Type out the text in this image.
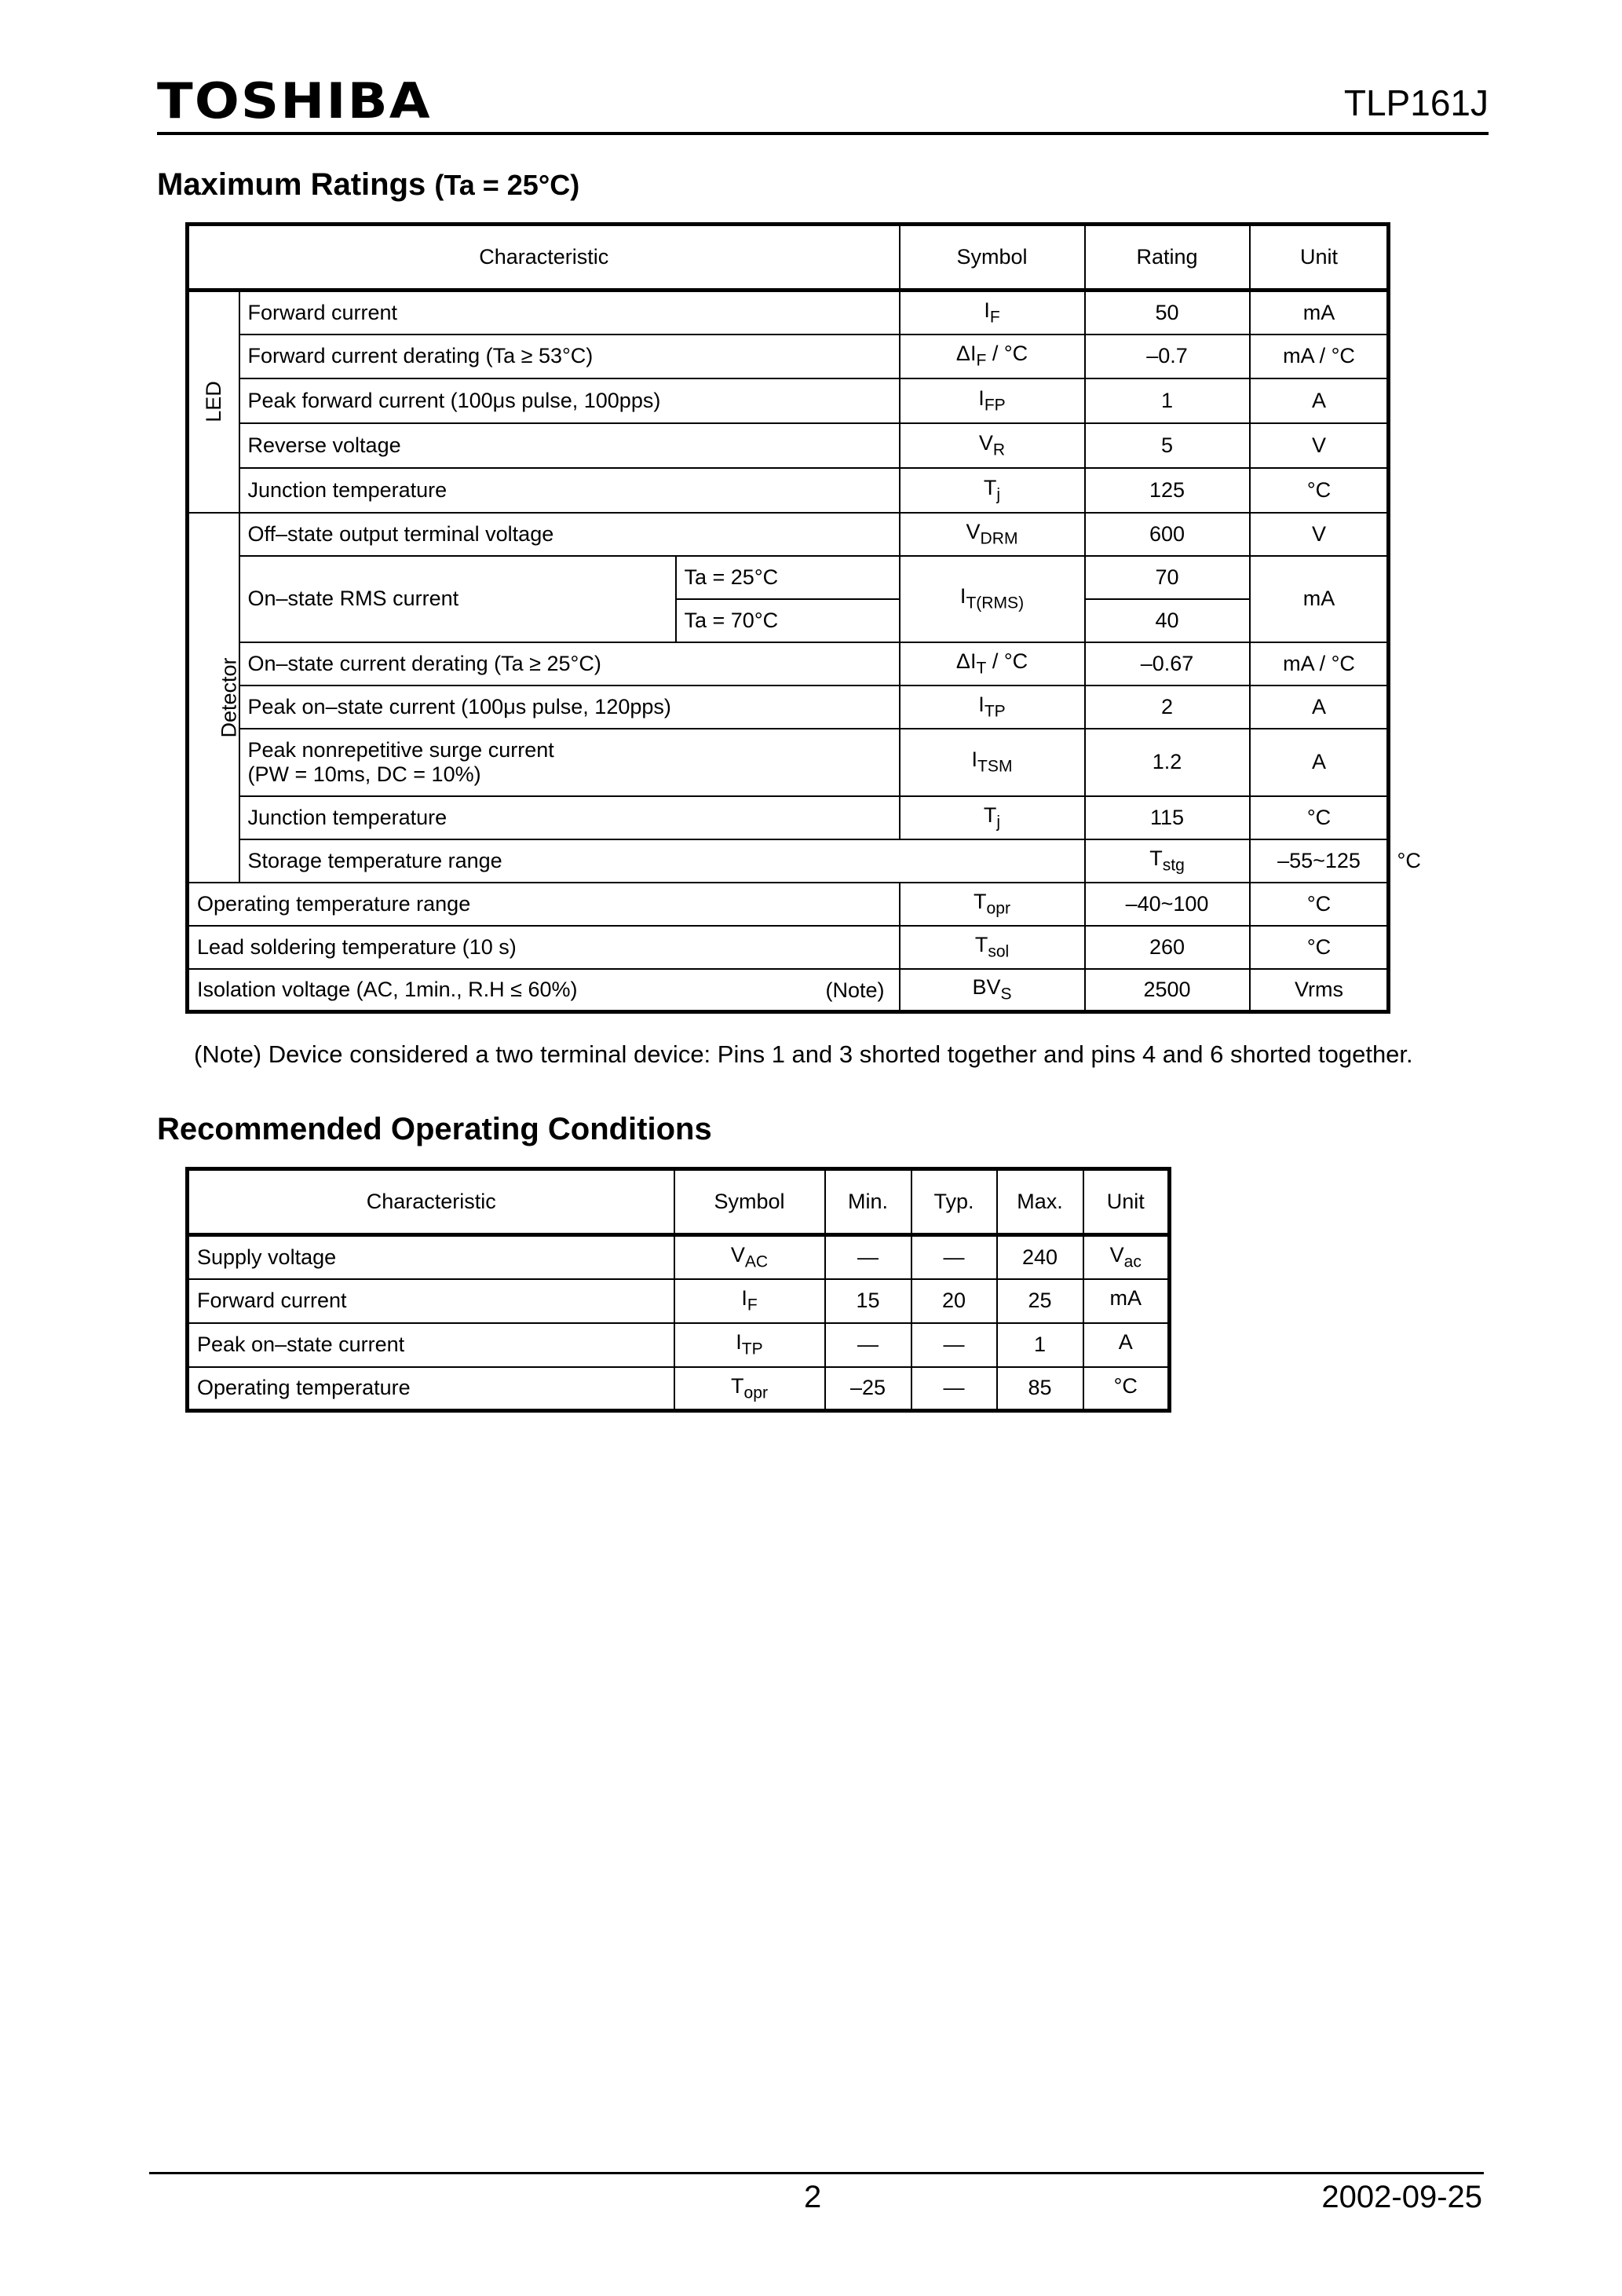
TOSHIBA	TLP161J
Maximum Ratings (Ta = 25°C)
Characteristic			Symbol	Rating	Unit	
LED	Forward current		$I_F$	50	mA	
	Forward current derating (Ta ≥ 53°C)		$\Delta I_F / ^\circ C$	–0.7	mA / °C	
	Peak forward current (100μs pulse, 100pps)		$I_{FP}$	1	A	
	Reverse voltage		$V_R$	5	V	
	Junction temperature		$T_j$	125	°C	
Detector	Off–state output terminal voltage		$V_{DRM}$	600	V	
	On–state RMS current	Ta = 25°C	$I_{T(RMS)}$	70	mA	
		Ta = 70°C		40		
	On–state current derating (Ta ≥ 25°C)		$\Delta I_T / ^\circ C$	–0.67	mA / °C	
	Peak on–state current (100μs pulse, 120pps)		$I_{TP}$	2	A	

	Peak nonrepetitive surge current
(PW = 10ms, DC = 10%)		$I_{TSM}$	1.2	A	
	Junction temperature		$T_j$	115	°C	
	Storage temperature range			$T_{stg}$	–55~125	°C
Operating temperature range			$T_{opr}$	–40~100	°C	
Lead soldering temperature (10 s)			$T_{sol}$	260	°C	
Isolation voltage (AC, 1min., R.H ≤ 60%) (Note)			$BV_S$	2500	Vrms	
(Note) Device considered a two terminal device: Pins 1 and 3 shorted together and pins 4 and 6 shorted together.
Recommended Operating Conditions
Characteristic	Symbol	Min.	Typ.	Max.	Unit
Supply voltage	$V_{AC}$	—	—	240	$V_{ac}$
Forward current	$I_F$	15	20	25	mA
Peak on–state current	$I_{TP}$	—	—	1	A
Operating temperature	$T_{opr}$	–25	—	85	°C
2	2002-09-25
